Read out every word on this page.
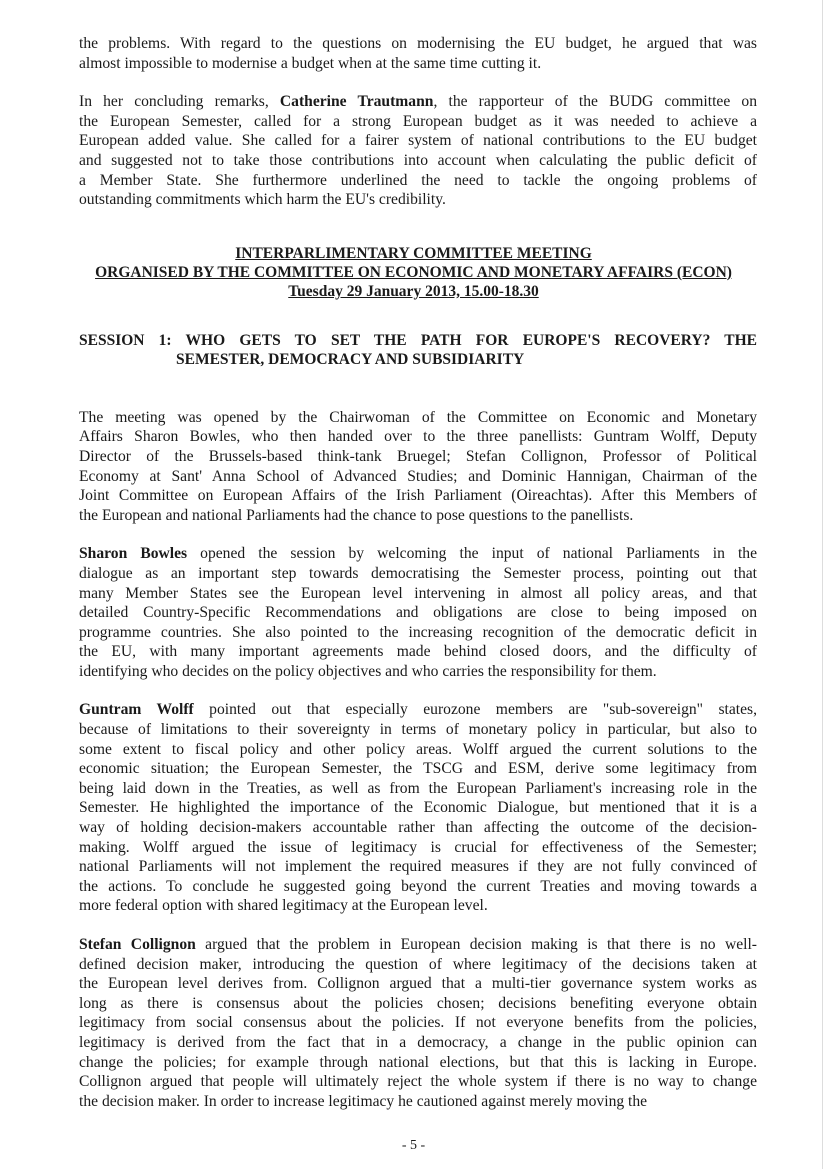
the problems. With regard to the questions on modernising the EU budget, he argued that was
almost impossible to modernise a budget when at the same time cutting it.
In her concluding remarks, Catherine Trautmann, the rapporteur of the BUDG committee on
the European Semester, called for a strong European budget as it was needed to achieve a
European added value. She called for a fairer system of national contributions to the EU budget
and suggested not to take those contributions into account when calculating the public deficit of
a Member State. She furthermore underlined the need to tackle the ongoing problems of
outstanding commitments which harm the EU's credibility.
INTERPARLIMENTARY COMMITTEE MEETING
ORGANISED BY THE COMMITTEE ON ECONOMIC AND MONETARY AFFAIRS (ECON)
Tuesday 29 January 2013, 15.00-18.30
SESSION 1: WHO GETS TO SET THE PATH FOR EUROPE'S RECOVERY? THE
SEMESTER, DEMOCRACY AND SUBSIDIARITY
The meeting was opened by the Chairwoman of the Committee on Economic and Monetary
Affairs Sharon Bowles, who then handed over to the three panellists: Guntram Wolff, Deputy
Director of the Brussels-based think-tank Bruegel; Stefan Collignon, Professor of Political
Economy at Sant' Anna School of Advanced Studies; and Dominic Hannigan, Chairman of the
Joint Committee on European Affairs of the Irish Parliament (Oireachtas). After this Members of
the European and national Parliaments had the chance to pose questions to the panellists.
Sharon Bowles opened the session by welcoming the input of national Parliaments in the
dialogue as an important step towards democratising the Semester process, pointing out that
many Member States see the European level intervening in almost all policy areas, and that
detailed Country-Specific Recommendations and obligations are close to being imposed on
programme countries. She also pointed to the increasing recognition of the democratic deficit in
the EU, with many important agreements made behind closed doors, and the difficulty of
identifying who decides on the policy objectives and who carries the responsibility for them.
Guntram Wolff pointed out that especially eurozone members are "sub-sovereign" states,
because of limitations to their sovereignty in terms of monetary policy in particular, but also to
some extent to fiscal policy and other policy areas. Wolff argued the current solutions to the
economic situation; the European Semester, the TSCG and ESM, derive some legitimacy from
being laid down in the Treaties, as well as from the European Parliament's increasing role in the
Semester. He highlighted the importance of the Economic Dialogue, but mentioned that it is a
way of holding decision-makers accountable rather than affecting the outcome of the decision-
making. Wolff argued the issue of legitimacy is crucial for effectiveness of the Semester;
national Parliaments will not implement the required measures if they are not fully convinced of
the actions. To conclude he suggested going beyond the current Treaties and moving towards a
more federal option with shared legitimacy at the European level.
Stefan Collignon argued that the problem in European decision making is that there is no well-
defined decision maker, introducing the question of where legitimacy of the decisions taken at
the European level derives from. Collignon argued that a multi-tier governance system works as
long as there is consensus about the policies chosen; decisions benefiting everyone obtain
legitimacy from social consensus about the policies. If not everyone benefits from the policies,
legitimacy is derived from the fact that in a democracy, a change in the public opinion can
change the policies; for example through national elections, but that this is lacking in Europe.
Collignon argued that people will ultimately reject the whole system if there is no way to change
the decision maker. In order to increase legitimacy he cautioned against merely moving the
- 5 -
